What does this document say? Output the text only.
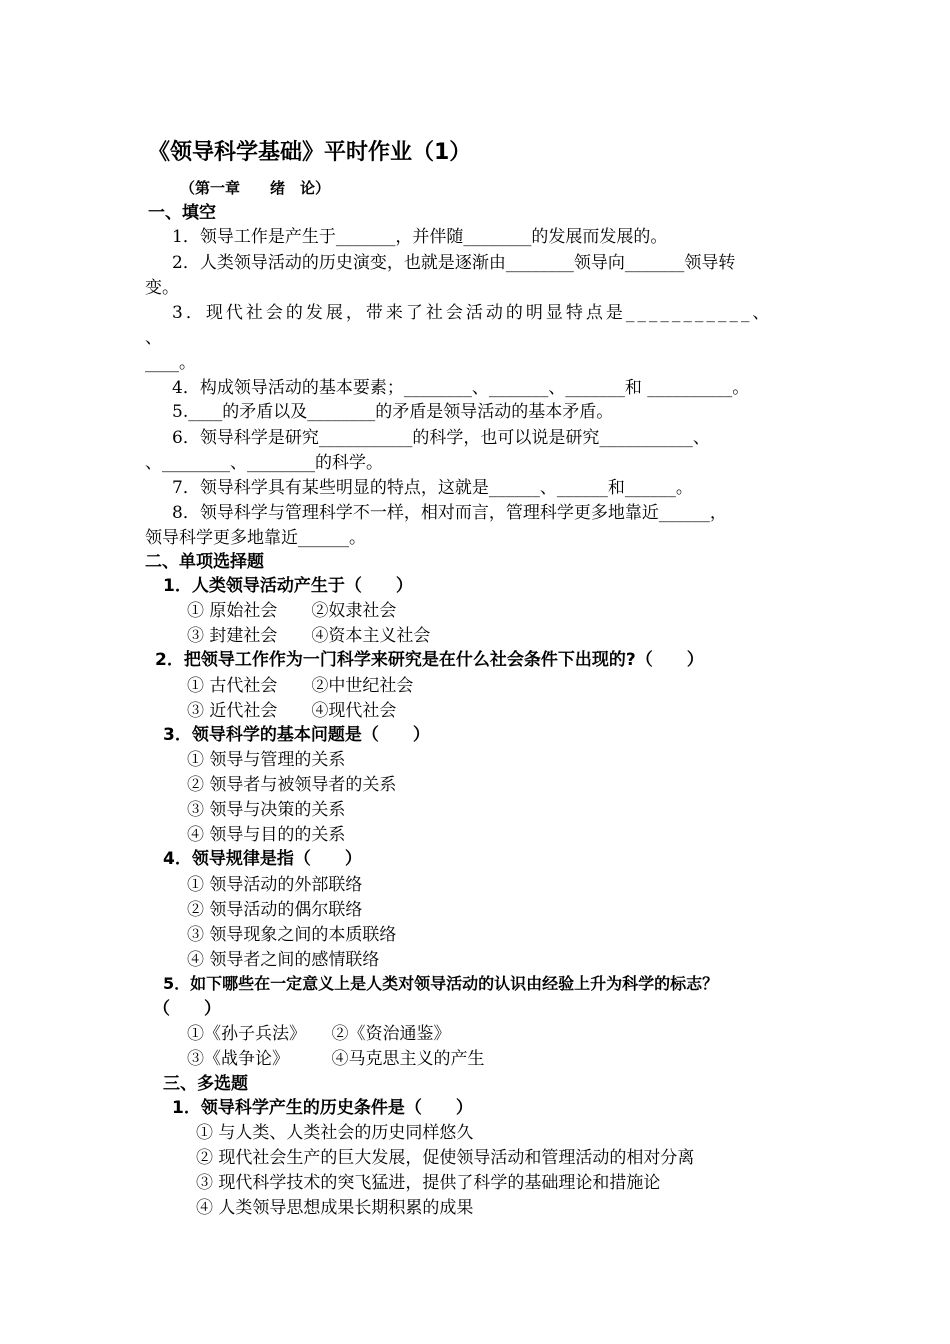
《领导科学基础》平时作业（1）
（第一章　　绪　论）
一、填空
1．领导工作是产生于_______，并伴随________的发展而发展的。
2．人类领导活动的历史演变，也就是逐渐由________领导向_______领导转
变。
3．现代社会的发展，带来了社会活动的明显特点是___________、
、
____。
4．构成领导活动的基本要素；________、_______、_______和 __________。
5.____的矛盾以及________的矛盾是领导活动的基本矛盾。
6．领导科学是研究___________的科学，也可以说是研究___________、
、________、________的科学。
7．领导科学具有某些明显的特点，这就是______、______和______。
8．领导科学与管理科学不一样，相对而言，管理科学更多地靠近______，
领导科学更多地靠近______。
二、单项选择题
1．人类领导活动产生于（　　）
① 原始社会　　②奴隶社会
③ 封建社会　　④资本主义社会
2．把领导工作作为一门科学来研究是在什么社会条件下出现的?（　　）
① 古代社会　　②中世纪社会
③ 近代社会　　④现代社会
3．领导科学的基本问题是（　　）
① 领导与管理的关系
② 领导者与被领导者的关系
③ 领导与决策的关系
④ 领导与目的的关系
4．领导规律是指（　　）
① 领导活动的外部联络
② 领导活动的偶尔联络
③ 领导现象之间的本质联络
④ 领导者之间的感情联络
5．如下哪些在一定意义上是人类对领导活动的认识由经验上升为科学的标志？
（　　）
①《孙子兵法》　　②《资治通鉴》
③《战争论》　　　④马克思主义的产生
三、多选题
1．领导科学产生的历史条件是（　　）
① 与人类、人类社会的历史同样悠久
② 现代社会生产的巨大发展，促使领导活动和管理活动的相对分离
③ 现代科学技术的突飞猛进，提供了科学的基础理论和措施论
④ 人类领导思想成果长期积累的成果
